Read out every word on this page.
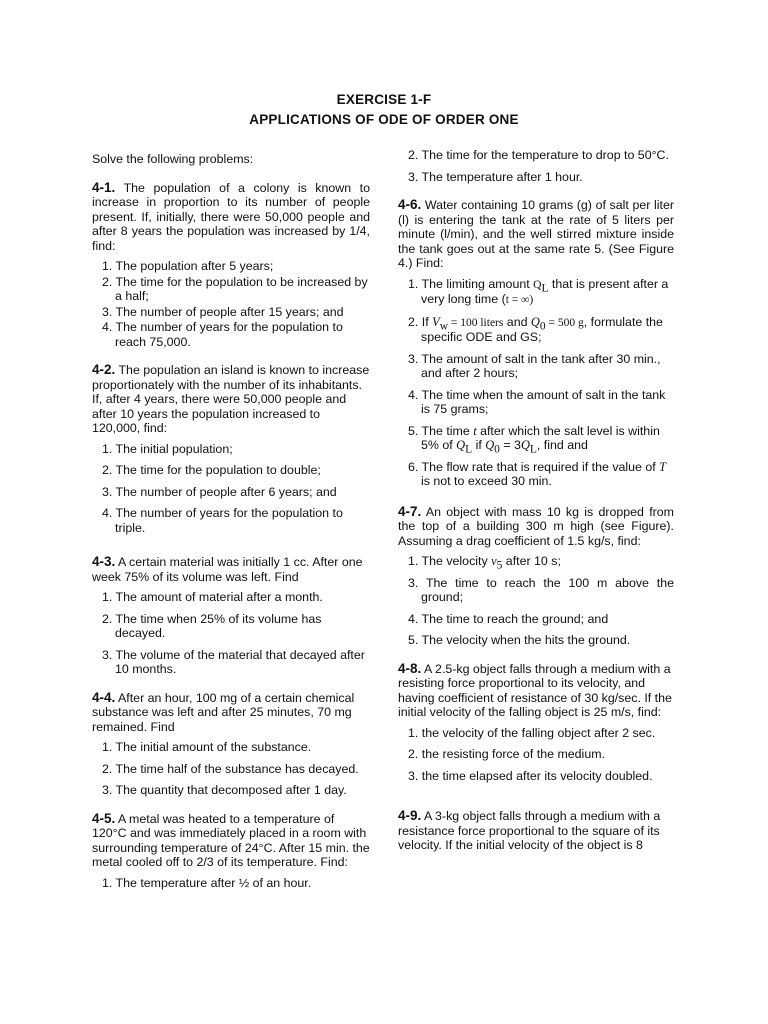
EXERCISE 1-F
APPLICATIONS OF ODE OF ORDER ONE
Solve the following problems:
4-1. The population of a colony is known to increase in proportion to its number of people present. If, initially, there were 50,000 people and after 8 years the population was increased by 1/4, find:
1. The population after 5 years;
2. The time for the population to be increased by a half;
3. The number of people after 15 years; and
4. The number of years for the population to reach 75,000.
4-2. The population an island is known to increase proportionately with the number of its inhabitants. If, after 4 years, there were 50,000 people and after 10 years the population increased to 120,000, find:
1. The initial population;
2. The time for the population to double;
3. The number of people after 6 years; and
4. The number of years for the population to triple.
4-3. A certain material was initially 1 cc. After one week 75% of its volume was left. Find
1. The amount of material after a month.
2. The time when 25% of its volume has decayed.
3. The volume of the material that decayed after 10 months.
4-4. After an hour, 100 mg of a certain chemical substance was left and after 25 minutes, 70 mg remained. Find
1. The initial amount of the substance.
2. The time half of the substance has decayed.
3. The quantity that decomposed after 1 day.
4-5. A metal was heated to a temperature of 120°C and was immediately placed in a room with surrounding temperature of 24°C. After 15 min. the metal cooled off to 2/3 of its temperature. Find:
1. The temperature after ½ of an hour.
2. The time for the temperature to drop to 50°C.
3. The temperature after 1 hour.
4-6. Water containing 10 grams (g) of salt per liter (l) is entering the tank at the rate of 5 liters per minute (l/min), and the well stirred mixture inside the tank goes out at the same rate 5. (See Figure 4.) Find:
1. The limiting amount $Q_L$ that is present after a very long time (t = ∞)
2. If $V_w = 100$ liters and $Q_0 = 500$ g, formulate the specific ODE and GS;
3. The amount of salt in the tank after 30 min., and after 2 hours;
4. The time when the amount of salt in the tank is 75 grams;
5. The time t after which the salt level is within 5% of $Q_L$ if $Q_0 = 3Q_L$, find and
6. The flow rate that is required if the value of T is not to exceed 30 min.
4-7. An object with mass 10 kg is dropped from the top of a building 300 m high (see Figure). Assuming a drag coefficient of 1.5 kg/s, find:
1. The velocity $v_5$ after 10 s;
3. The time to reach the 100 m above the ground;
4. The time to reach the ground; and
5. The velocity when the hits the ground.
4-8. A 2.5-kg object falls through a medium with a resisting force proportional to its velocity, and having coefficient of resistance of 30 kg/sec. If the initial velocity of the falling object is 25 m/s, find:
1. the velocity of the falling object after 2 sec.
2. the resisting force of the medium.
3. the time elapsed after its velocity doubled.
4-9. A 3-kg object falls through a medium with a resistance force proportional to the square of its velocity. If the initial velocity of the object is 8
